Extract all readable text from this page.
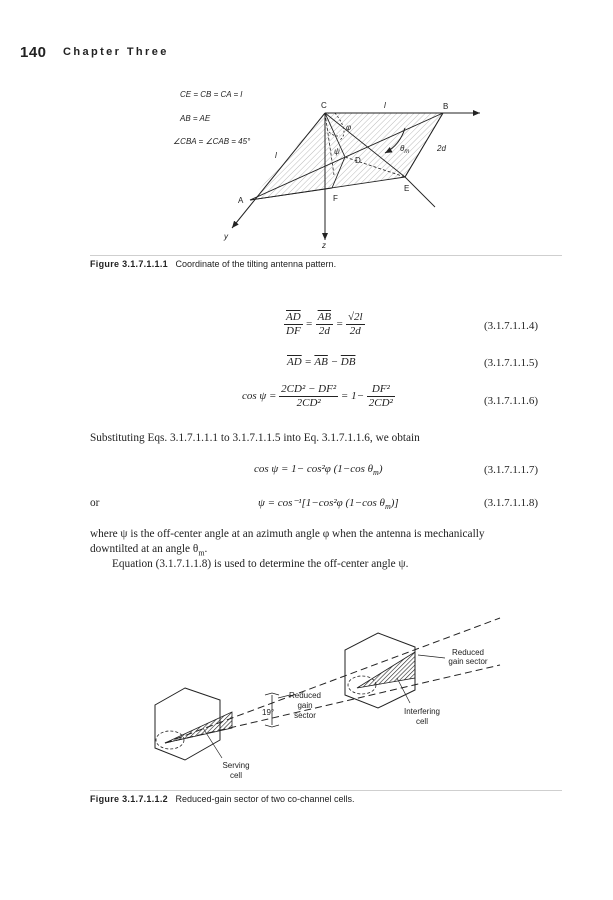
140 Chapter Three
CE = CB = CA = l
AB = AE
∠CBA = ∠CAB = 45°
C	B
A
D
E
F
y
z
l
l
φ
ψ	$\theta_m$	2d
Figure 3.1.7.1.1.1 Coordinate of the tilting antenna pattern.
$\frac{\overline{AD}}{DF} = \frac{\overline{AB}}{2d} = \frac{√2l}{2d}$	(3.1.7.1.1.4)
$\overline{AD} = \overline{AB} - \overline{DB}$	(3.1.7.1.1.5)
$\cos \psi = \frac{\text{2CD² − DF²}}{\text{2CD²}} = 1- \frac{\text{DF²}}{\text{2CD²}}$	(3.1.7.1.1.6)
Substituting Eqs. 3.1.7.1.1.1 to 3.1.7.1.1.5 into Eq. 3.1.7.1.1.6, we obtain
cos ψ = 1− cos²φ (1−cos $\theta_m$)	(3.1.7.1.1.7)
or	ψ = cos⁻¹[1−cos²φ (1−cos $\theta_m$)]	(3.1.7.1.1.8)
where ψ is the off-center angle at an azimuth angle φ when the antenna is mechanically
downtilted at an angle $\theta_m$.
Equation (3.1.7.1.1.8) is used to determine the off-center angle ψ.
Reduced
gain sector
Reduced
gain
sector
19°	Interfering
cell
Serving
cell
Figure 3.1.7.1.1.2 Reduced-gain sector of two co-channel cells.
